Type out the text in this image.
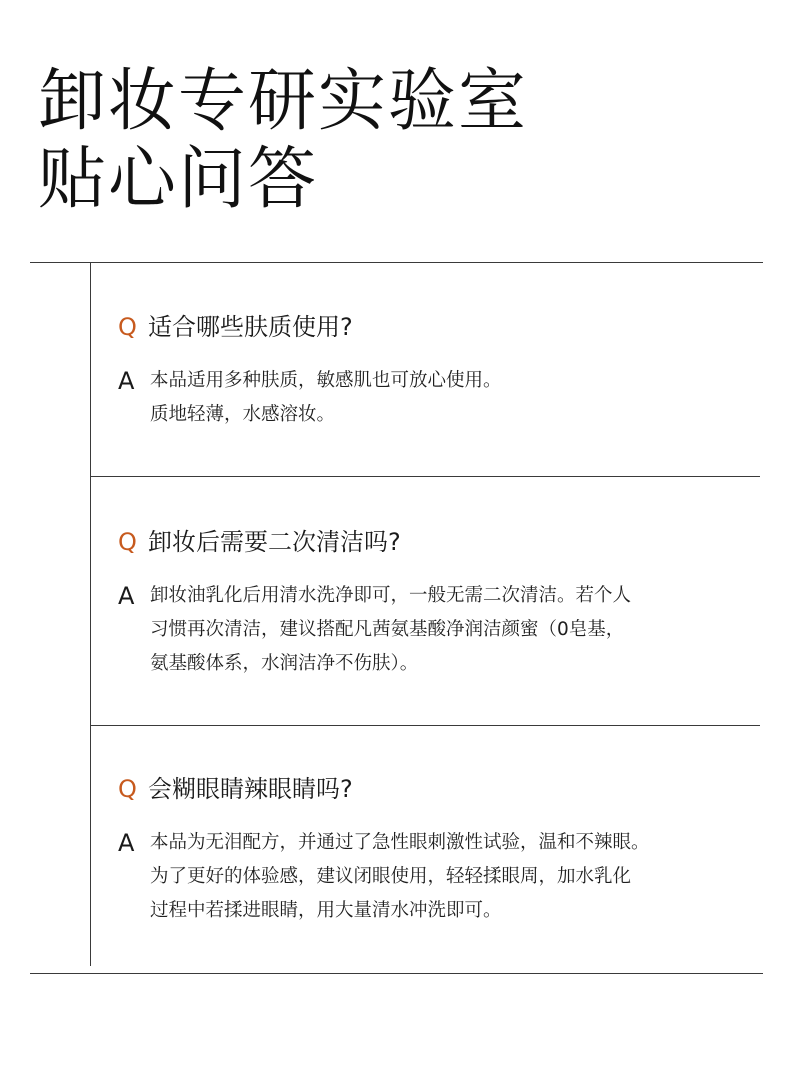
卸妆专研实验室
贴心问答
Q 适合哪些肤质使用?
A 本品适用多种肤质，敏感肌也可放心使用。
质地轻薄，水感溶妆。
Q 卸妆后需要二次清洁吗?
A 卸妆油乳化后用清水洗净即可，一般无需二次清洁。若个人
习惯再次清洁，建议搭配凡茜氨基酸净润洁颜蜜（0皂基，
氨基酸体系，水润洁净不伤肤）。
Q 会糊眼睛辣眼睛吗?
A 本品为无泪配方，并通过了急性眼刺激性试验，温和不辣眼。
为了更好的体验感，建议闭眼使用，轻轻揉眼周，加水乳化
过程中若揉进眼睛，用大量清水冲洗即可。
